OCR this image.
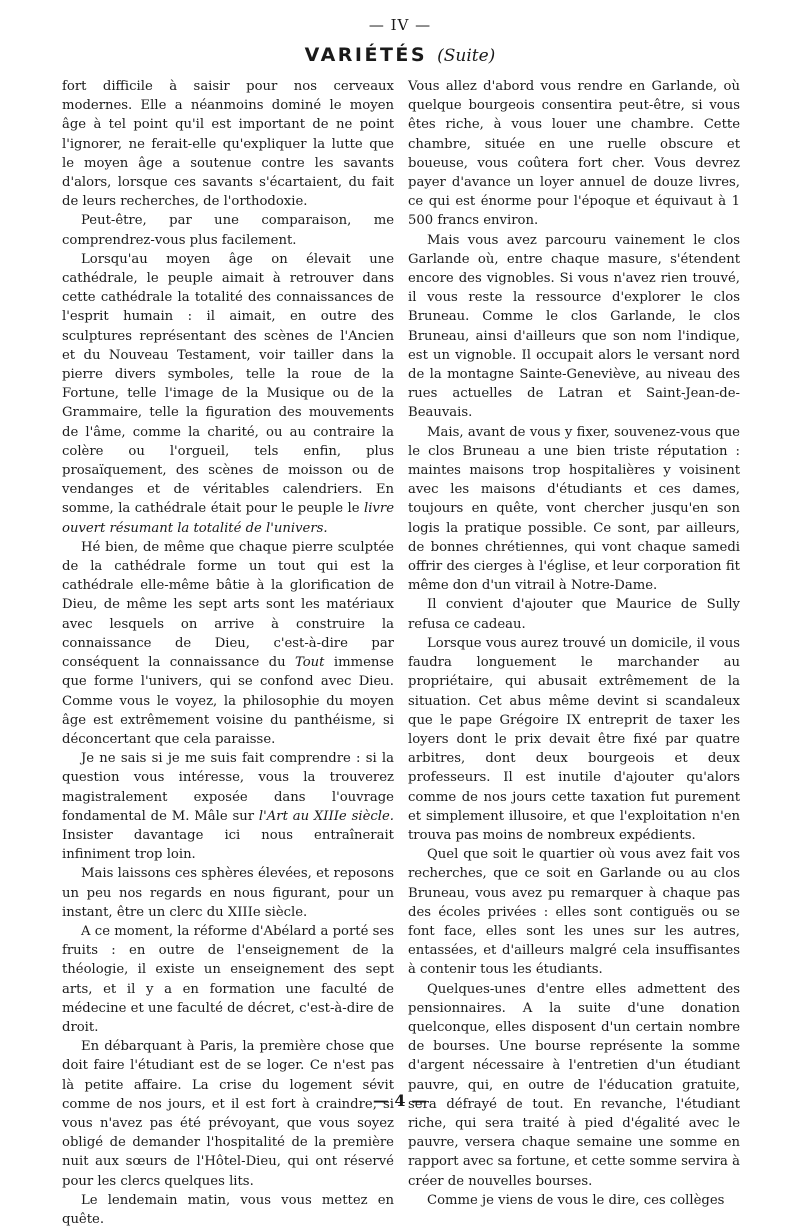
— IV —
VARIÉTÉS (Suite)

fort difficile à saisir pour nos cerveaux modernes. Elle a néanmoins dominé le moyen âge à tel point qu'il est important de ne point l'ignorer, ne ferait-elle qu'expliquer la lutte que le moyen âge a soutenue contre les savants d'alors, lorsque ces savants s'écartaient, du fait de leurs recherches, de l'orthodoxie.

Peut-être, par une comparaison, me comprendrez-vous plus facilement.

Lorsqu'au moyen âge on élevait une cathédrale, le peuple aimait à retrouver dans cette cathédrale la totalité des connaissances de l'esprit humain : il aimait, en outre des sculptures représentant des scènes de l'Ancien et du Nouveau Testament, voir tailler dans la pierre divers symboles, telle la roue de la Fortune, telle l'image de la Musique ou de la Grammaire, telle la figuration des mouvements de l'âme, comme la charité, ou au contraire la colère ou l'orgueil, tels enfin, plus prosaïquement, des scènes de moisson ou de vendanges et de véritables calendriers. En somme, la cathédrale était pour le peuple le livre ouvert résumant la totalité de l'univers.

Hé bien, de même que chaque pierre sculptée de la cathédrale forme un tout qui est la cathédrale elle-même bâtie à la glorification de Dieu, de même les sept arts sont les matériaux avec lesquels on arrive à construire la connaissance de Dieu, c'est-à-dire par conséquent la connaissance du Tout immense que forme l'univers, qui se confond avec Dieu. Comme vous le voyez, la philosophie du moyen âge est extrêmement voisine du panthéisme, si déconcertant que cela paraisse.

Je ne sais si je me suis fait comprendre : si la question vous intéresse, vous la trouverez magistralement exposée dans l'ouvrage fondamental de M. Mâle sur l'Art au XIIIe siècle. Insister davantage ici nous entraînerait infiniment trop loin.

Mais laissons ces sphères élevées, et reposons un peu nos regards en nous figurant, pour un instant, être un clerc du XIIIe siècle.

A ce moment, la réforme d'Abélard a porté ses fruits : en outre de l'enseignement de la théologie, il existe un enseignement des sept arts, et il y a en formation une faculté de médecine et une faculté de décret, c'est-à-dire de droit.

En débarquant à Paris, la première chose que doit faire l'étudiant est de se loger. Ce n'est pas là petite affaire. La crise du logement sévit comme de nos jours, et il est fort à craindre, si vous n'avez pas été prévoyant, que vous soyez obligé de demander l'hospitalité de la première nuit aux sœurs de l'Hôtel-Dieu, qui ont réservé pour les clercs quelques lits.

Le lendemain matin, vous vous mettez en quête.

Vous allez d'abord vous rendre en Garlande, où quelque bourgeois consentira peut-être, si vous êtes riche, à vous louer une chambre. Cette chambre, située en une ruelle obscure et boueuse, vous coûtera fort cher. Vous devrez payer d'avance un loyer annuel de douze livres, ce qui est énorme pour l'époque et équivaut à 1 500 francs environ.

Mais vous avez parcouru vainement le clos Garlande où, entre chaque masure, s'étendent encore des vignobles. Si vous n'avez rien trouvé, il vous reste la ressource d'explorer le clos Bruneau. Comme le clos Garlande, le clos Bruneau, ainsi d'ailleurs que son nom l'indique, est un vignoble. Il occupait alors le versant nord de la montagne Sainte-Geneviève, au niveau des rues actuelles de Latran et Saint-Jean-de-Beauvais.

Mais, avant de vous y fixer, souvenez-vous que le clos Bruneau a une bien triste réputation : maintes maisons trop hospitalières y voisinent avec les maisons d'étudiants et ces dames, toujours en quête, vont chercher jusqu'en son logis la pratique possible. Ce sont, par ailleurs, de bonnes chrétiennes, qui vont chaque samedi offrir des cierges à l'église, et leur corporation fit même don d'un vitrail à Notre-Dame.

Il convient d'ajouter que Maurice de Sully refusa ce cadeau.

Lorsque vous aurez trouvé un domicile, il vous faudra longuement le marchander au propriétaire, qui abusait extrêmement de la situation. Cet abus même devint si scandaleux que le pape Grégoire IX entreprit de taxer les loyers dont le prix devait être fixé par quatre arbitres, dont deux bourgeois et deux professeurs. Il est inutile d'ajouter qu'alors comme de nos jours cette taxation fut purement et simplement illusoire, et que l'exploitation n'en trouva pas moins de nombreux expédients.

Quel que soit le quartier où vous avez fait vos recherches, que ce soit en Garlande ou au clos Bruneau, vous avez pu remarquer à chaque pas des écoles privées : elles sont contiguës ou se font face, elles sont les unes sur les autres, entassées, et d'ailleurs malgré cela insuffisantes à contenir tous les étudiants.

Quelques-unes d'entre elles admettent des pensionnaires. A la suite d'une donation quelconque, elles disposent d'un certain nombre de bourses. Une bourse représente la somme d'argent nécessaire à l'entretien d'un étudiant pauvre, qui, en outre de l'éducation gratuite, sera défrayé de tout. En revanche, l'étudiant riche, qui sera traité à pied d'égalité avec le pauvre, versera chaque semaine une somme en rapport avec sa fortune, et cette somme servira à créer de nouvelles bourses.

Comme je viens de vous le dire, ces collèges

— 4 —
